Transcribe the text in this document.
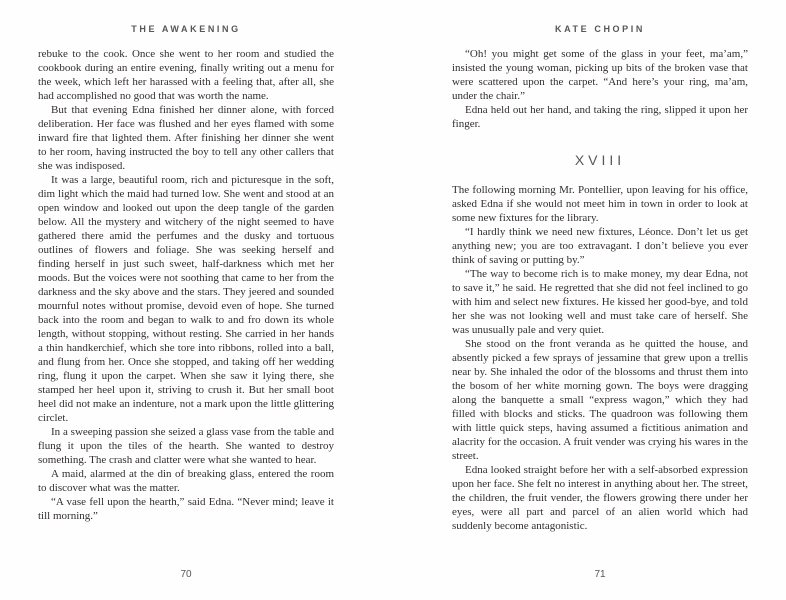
THE AWAKENING

rebuke to the cook. Once she went to her room and studied the cookbook during an entire evening, finally writing out a menu for the week, which left her harassed with a feeling that, after all, she had accomplished no good that was worth the name.

But that evening Edna finished her dinner alone, with forced deliberation. Her face was flushed and her eyes flamed with some inward fire that lighted them. After finishing her dinner she went to her room, having instructed the boy to tell any other callers that she was indisposed.

It was a large, beautiful room, rich and picturesque in the soft, dim light which the maid had turned low. She went and stood at an open window and looked out upon the deep tangle of the garden below. All the mystery and witchery of the night seemed to have gathered there amid the perfumes and the dusky and tortuous outlines of flowers and foliage. She was seeking herself and finding herself in just such sweet, half-darkness which met her moods. But the voices were not soothing that came to her from the darkness and the sky above and the stars. They jeered and sounded mournful notes without promise, devoid even of hope. She turned back into the room and began to walk to and fro down its whole length, without stopping, without resting. She carried in her hands a thin handkerchief, which she tore into ribbons, rolled into a ball, and flung from her. Once she stopped, and taking off her wedding ring, flung it upon the carpet. When she saw it lying there, she stamped her heel upon it, striving to crush it. But her small boot heel did not make an indenture, not a mark upon the little glittering circlet.

In a sweeping passion she seized a glass vase from the table and flung it upon the tiles of the hearth. She wanted to destroy something. The crash and clatter were what she wanted to hear.

A maid, alarmed at the din of breaking glass, entered the room to discover what was the matter.

“A vase fell upon the hearth,” said Edna. “Never mind; leave it till morning.”

70
KATE CHOPIN

“Oh! you might get some of the glass in your feet, ma’am,” insisted the young woman, picking up bits of the broken vase that were scattered upon the carpet. “And here’s your ring, ma’am, under the chair.”

Edna held out her hand, and taking the ring, slipped it upon her finger.

XVIII

The following morning Mr. Pontellier, upon leaving for his office, asked Edna if she would not meet him in town in order to look at some new fixtures for the library.

“I hardly think we need new fixtures, Léonce. Don’t let us get anything new; you are too extravagant. I don’t believe you ever think of saving or putting by.”

“The way to become rich is to make money, my dear Edna, not to save it,” he said. He regretted that she did not feel inclined to go with him and select new fixtures. He kissed her good-bye, and told her she was not looking well and must take care of herself. She was unusually pale and very quiet.

She stood on the front veranda as he quitted the house, and absently picked a few sprays of jessamine that grew upon a trellis near by. She inhaled the odor of the blossoms and thrust them into the bosom of her white morning gown. The boys were dragging along the banquette a small “express wagon,” which they had filled with blocks and sticks. The quadroon was following them with little quick steps, having assumed a fictitious animation and alacrity for the occasion. A fruit vender was crying his wares in the street.

Edna looked straight before her with a self-absorbed expression upon her face. She felt no interest in anything about her. The street, the children, the fruit vender, the flowers growing there under her eyes, were all part and parcel of an alien world which had suddenly become antagonistic.

71
